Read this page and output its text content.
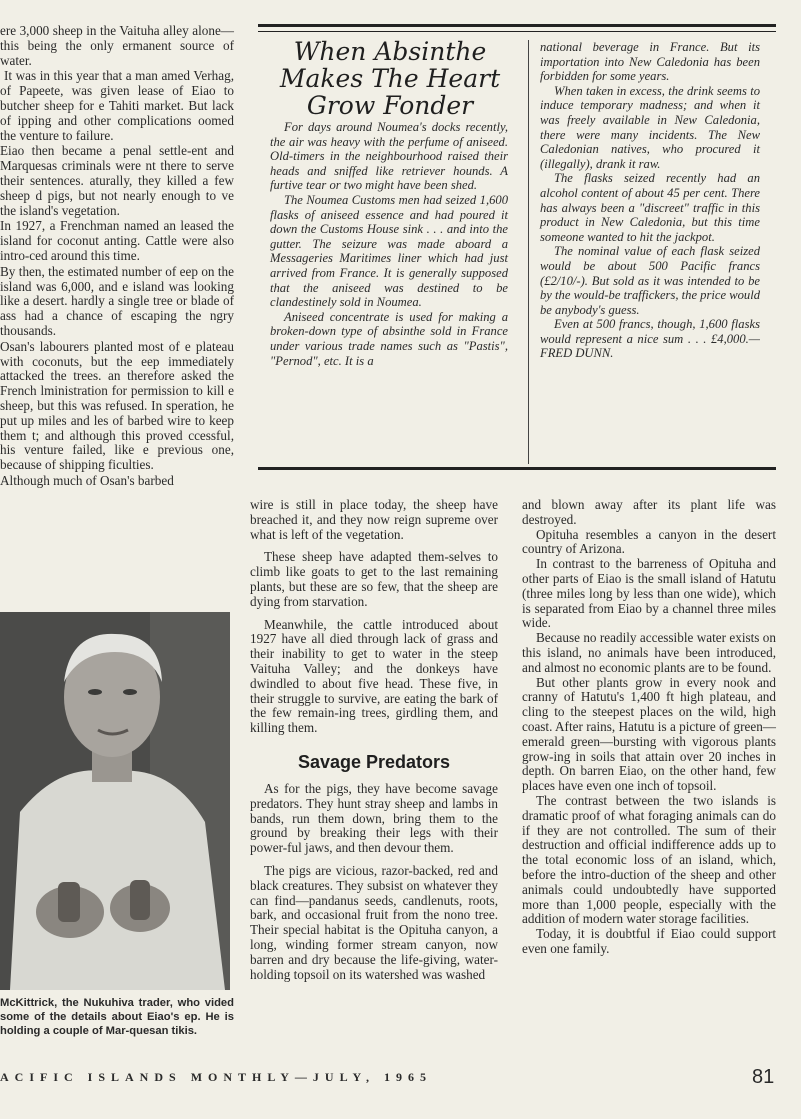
ere 3,000 sheep in the Vaituha alley alone—this being the only ermanent source of water.

It was in this year that a man amed Verhag, of Papeete, was given lease of Eiao to butcher sheep for e Tahiti market. But lack of ipping and other complications oomed the venture to failure.

Eiao then became a penal settle-ent and Marquesas criminals were nt there to serve their sentences. aturally, they killed a few sheep d pigs, but not nearly enough to ve the island's vegetation.

In 1927, a Frenchman named an leased the island for coconut anting. Cattle were also intro-ced around this time.

By then, the estimated number of eep on the island was 6,000, and e island was looking like a desert. hardly a single tree or blade of ass had a chance of escaping the ngry thousands.

Osan's labourers planted most of e plateau with coconuts, but the eep immediately attacked the trees. an therefore asked the French lministration for permission to kill e sheep, but this was refused. In speration, he put up miles and les of barbed wire to keep them t; and although this proved ccessful, his venture failed, like e previous one, because of shipping ficulties.

Although much of Osan's barbed

When Absinthe Makes The Heart Grow Fonder

For days around Noumea's docks recently, the air was heavy with the perfume of aniseed. Old-timers in the neighbourhood raised their heads and sniffed like retriever hounds. A furtive tear or two might have been shed.

The Noumea Customs men had seized 1,600 flasks of aniseed essence and had poured it down the Customs House sink . . . and into the gutter. The seizure was made aboard a Messageries Maritimes liner which had just arrived from France. It is generally supposed that the aniseed was destined to be clandestinely sold in Noumea.

Aniseed concentrate is used for making a broken-down type of absinthe sold in France under various trade names such as "Pastis", "Pernod", etc. It is a

national beverage in France. But its importation into New Caledonia has been forbidden for some years.

When taken in excess, the drink seems to induce temporary madness; and when it was freely available in New Caledonia, there were many incidents. The New Caledonian natives, who procured it (illegally), drank it raw.

The flasks seized recently had an alcohol content of about 45 per cent. There has always been a "discreet" traffic in this product in New Caledonia, but this time someone wanted to hit the jackpot.

The nominal value of each flask seized would be about 500 Pacific francs (£2/10/-). But sold as it was intended to be by the would-be traffickers, the price would be anybody's guess.

Even at 500 francs, though, 1,600 flasks would represent a nice sum . . . £4,000.—FRED DUNN.

McKittrick, the Nukuhiva trader, who vided some of the details about Eiao's ep. He is holding a couple of Mar-quesan tikis.

wire is still in place today, the sheep have breached it, and they now reign supreme over what is left of the vegetation.

These sheep have adapted them-selves to climb like goats to get to the last remaining plants, but these are so few, that the sheep are dying from starvation.

Meanwhile, the cattle introduced about 1927 have all died through lack of grass and their inability to get to water in the steep Vaituha Valley; and the donkeys have dwindled to about five head. These five, in their struggle to survive, are eating the bark of the few remain-ing trees, girdling them, and killing them.

Savage Predators

As for the pigs, they have become savage predators. They hunt stray sheep and lambs in bands, run them down, bring them to the ground by breaking their legs with their power-ful jaws, and then devour them.

The pigs are vicious, razor-backed, red and black creatures. They subsist on whatever they can find—pandanus seeds, candlenuts, roots, bark, and occasional fruit from the nono tree. Their special habitat is the Opituha canyon, a long, winding former stream canyon, now barren and dry because the life-giving, water-holding topsoil on its watershed was washed

and blown away after its plant life was destroyed.

Opituha resembles a canyon in the desert country of Arizona.

In contrast to the barreness of Opituha and other parts of Eiao is the small island of Hatutu (three miles long by less than one wide), which is separated from Eiao by a channel three miles wide.

Because no readily accessible water exists on this island, no animals have been introduced, and almost no economic plants are to be found.

But other plants grow in every nook and cranny of Hatutu's 1,400 ft high plateau, and cling to the steepest places on the wild, high coast. After rains, Hatutu is a picture of green—emerald green—bursting with vigorous plants grow-ing in soils that attain over 20 inches in depth. On barren Eiao, on the other hand, few places have even one inch of topsoil.

The contrast between the two islands is dramatic proof of what foraging animals can do if they are not controlled. The sum of their destruction and official indifference adds up to the total economic loss of an island, which, before the intro-duction of the sheep and other animals could undoubtedly have supported more than 1,000 people, especially with the addition of modern water storage facilities.

Today, it is doubtful if Eiao could support even one family.

ACIFIC ISLANDS MONTHLY—JULY, 1965	81
